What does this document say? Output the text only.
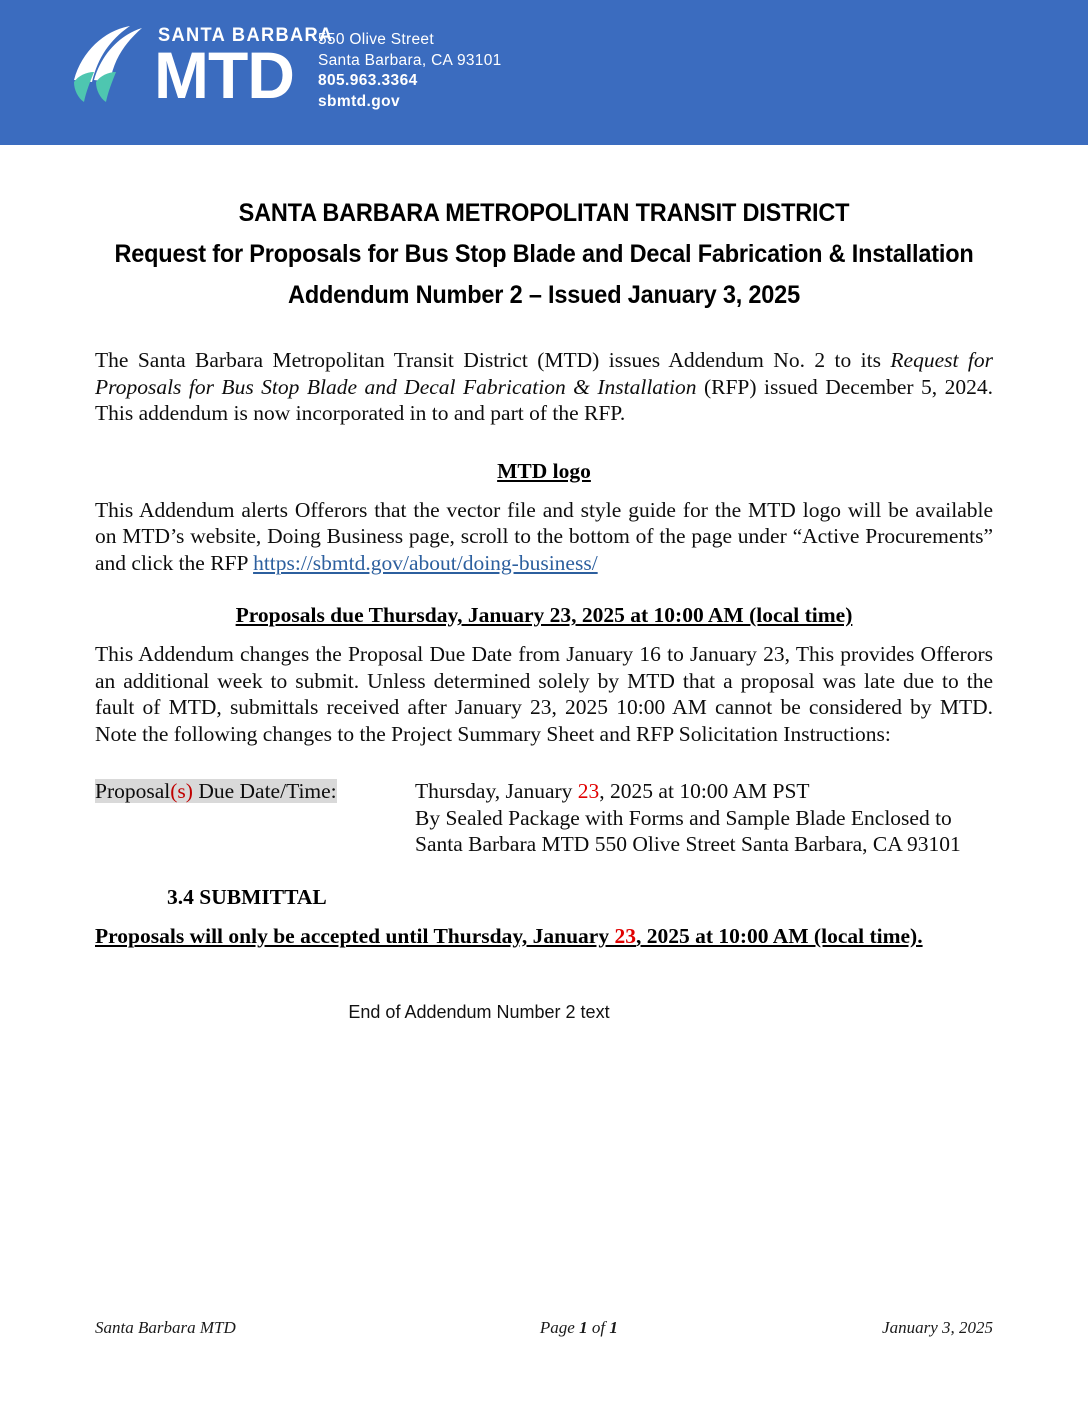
SANTA BARBARA
MTD	550 Olive Street
Santa Barbara, CA 93101
805.963.3364
sbmtd.gov
SANTA BARBARA METROPOLITAN TRANSIT DISTRICT
Request for Proposals for Bus Stop Blade and Decal Fabrication & Installation
Addendum Number 2 – Issued January 3, 2025

The Santa Barbara Metropolitan Transit District (MTD) issues Addendum No. 2 to its Request for Proposals for Bus Stop Blade and Decal Fabrication & Installation (RFP) issued December 5, 2024. This addendum is now incorporated in to and part of the RFP.

MTD logo

This Addendum alerts Offerors that the vector file and style guide for the MTD logo will be available on MTD’s website, Doing Business page, scroll to the bottom of the page under “Active Procurements” and click the RFP https://sbmtd.gov/about/doing-business/

Proposals due Thursday, January 23, 2025 at 10:00 AM (local time)

This Addendum changes the Proposal Due Date from January 16 to January 23, This provides Offerors an additional week to submit. Unless determined solely by MTD that a proposal was late due to the fault of MTD, submittals received after January 23, 2025 10:00 AM cannot be considered by MTD. Note the following changes to the Project Summary Sheet and RFP Solicitation Instructions:

Proposal(s) Due Date/Time:	Thursday, January 23, 2025 at 10:00 AM PST
By Sealed Package with Forms and Sample Blade Enclosed to
Santa Barbara MTD 550 Olive Street Santa Barbara, CA 93101
3.4 SUBMITTAL
Proposals will only be accepted until Thursday, January 23, 2025 at 10:00 AM (local time).
End of Addendum Number 2 text
Santa Barbara MTD	Page 1 of 1	January 3, 2025
